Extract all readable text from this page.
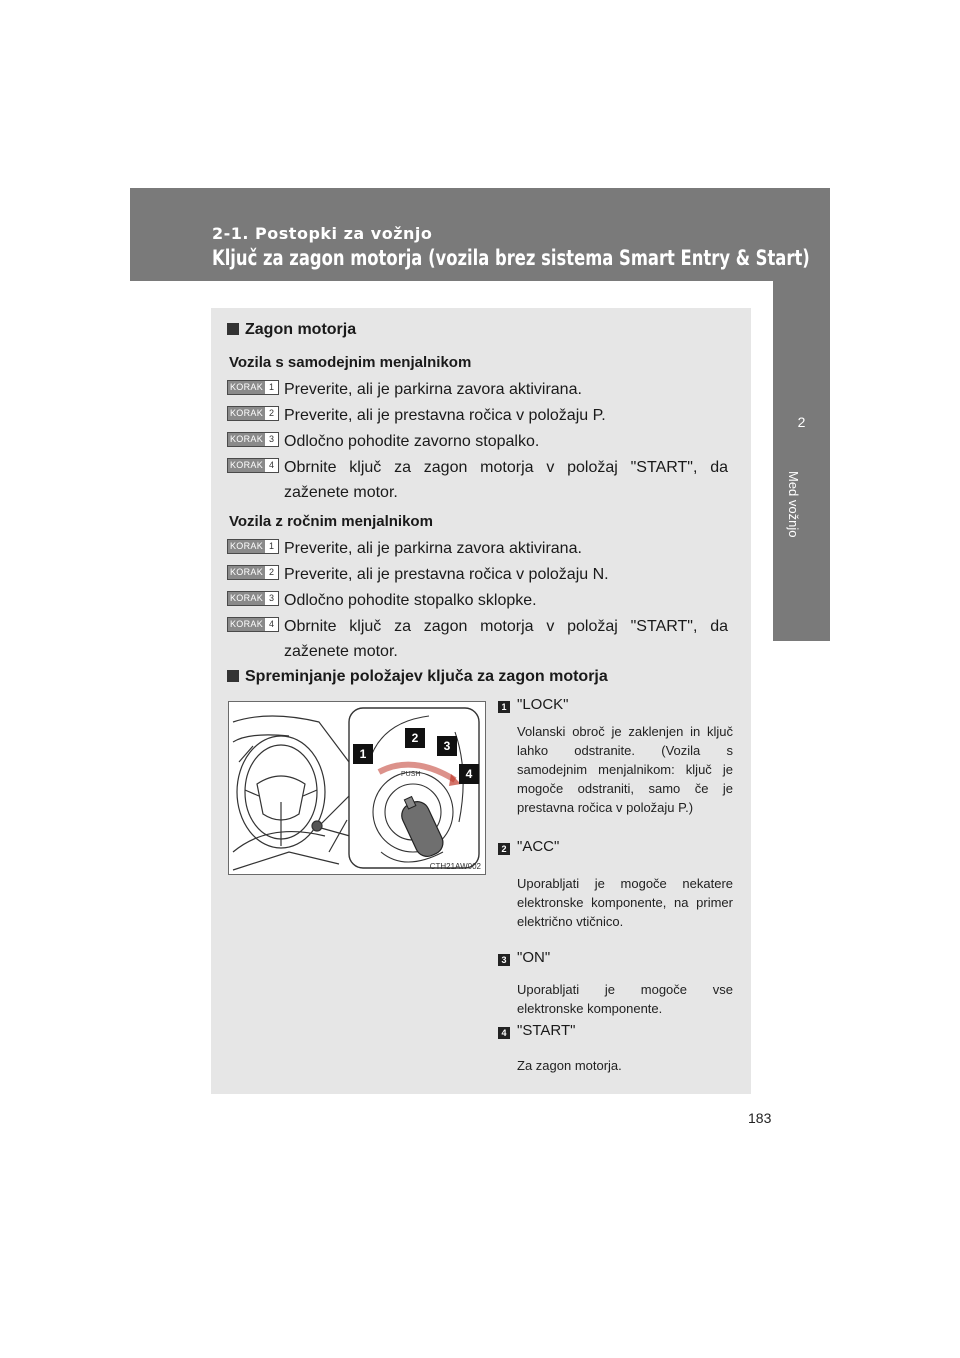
2-1. Postopki za vožnjo
Ključ za zagon motorja (vozila brez sistema Smart Entry & Start)
2
Med vožnjo
Zagon motorja
Vozila s samodejnim menjalnikom
KORAK 1 Preverite, ali je parkirna zavora aktivirana.
KORAK 2 Preverite, ali je prestavna ročica v položaju P.
KORAK 3 Odločno pohodite zavorno stopalko.
KORAK 4 Obrnite ključ za zagon motorja v položaj "START", da zaženete motor.
Vozila z ročnim menjalnikom
KORAK 1 Preverite, ali je parkirna zavora aktivirana.
KORAK 2 Preverite, ali je prestavna ročica v položaju N.
KORAK 3 Odločno pohodite stopalko sklopke.
KORAK 4 Obrnite ključ za zagon motorja v položaj "START", da zaženete motor.
Spreminjanje položajev ključa za zagon motorja
PUSH
1
2
3
4
CTH21AW002
1 "LOCK"
Volanski obroč je zaklenjen in ključ lahko odstranite. (Vozila s samodejnim menjalnikom: ključ je mogoče odstraniti, samo če je prestavna ročica v položaju P.)
2 "ACC"
Uporabljati je mogoče nekatere elektronske komponente, na primer električno vtičnico.
3 "ON"
Uporabljati je mogoče vse elektronske komponente.
4 "START"
Za zagon motorja.
183
